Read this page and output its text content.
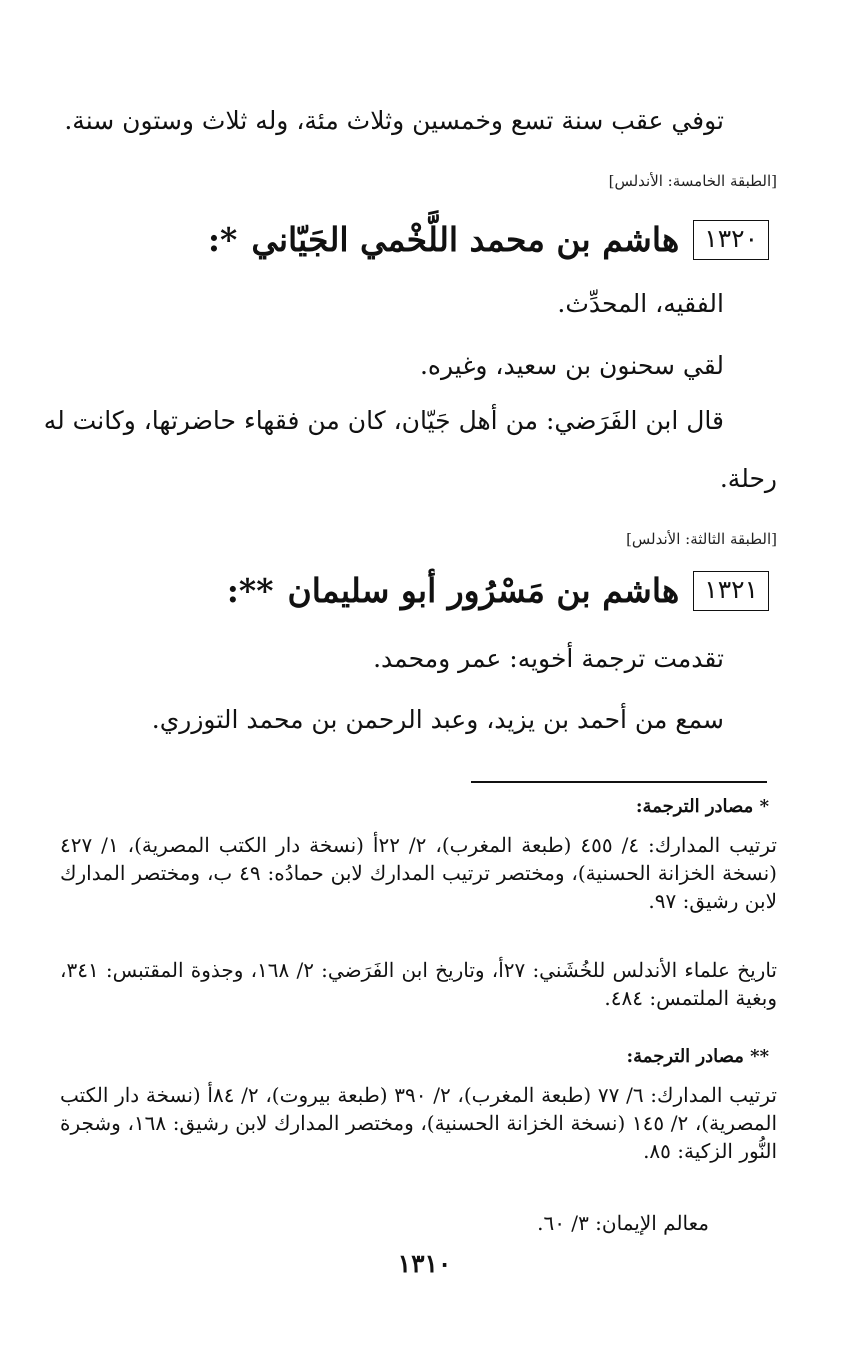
توفي عقب سنة تسع وخمسين وثلاث مئة، وله ثلاث وستون سنة.
[الطبقة الخامسة: الأندلس]
١٣٢٠
هاشم بن محمد اللَّخْمي الجَيّاني
*:
الفقيه، المحدِّث.
لقي سحنون بن سعيد، وغيره.
قال ابن الفَرَضي: من أهل جَيّان، كان من فقهاء حاضرتها، وكانت له
رحلة.
[الطبقة الثالثة: الأندلس]
١٣٢١
هاشم بن مَسْرُور أبو سليمان
**:
تقدمت ترجمة أخويه: عمر ومحمد.
سمع من أحمد بن يزيد، وعبد الرحمن بن محمد التوزري.
* مصادر الترجمة:
ترتيب المدارك: ٤/ ٤٥٥ (طبعة المغرب)، ٢/ ٢٢أ (نسخة دار الكتب المصرية)، ١/ ٤٢٧ (نسخة الخزانة الحسنية)، ومختصر ترتيب المدارك لابن حمادُه: ٤٩ ب، ومختصر المدارك لابن رشيق: ٩٧.
تاريخ علماء الأندلس للخُشَني: ٢٧أ، وتاريخ ابن الفَرَضي: ٢/ ١٦٨، وجذوة المقتبس: ٣٤١، وبغية الملتمس: ٤٨٤.
** مصادر الترجمة:
ترتيب المدارك: ٦/ ٧٧ (طبعة المغرب)، ٢/ ٣٩٠ (طبعة بيروت)، ٢/ ٨٤أ (نسخة دار الكتب المصرية)، ٢/ ١٤٥ (نسخة الخزانة الحسنية)، ومختصر المدارك لابن رشيق: ١٦٨، وشجرة النُّور الزكية: ٨٥.
معالم الإيمان: ٣/ ٦٠.
١٣١٠
